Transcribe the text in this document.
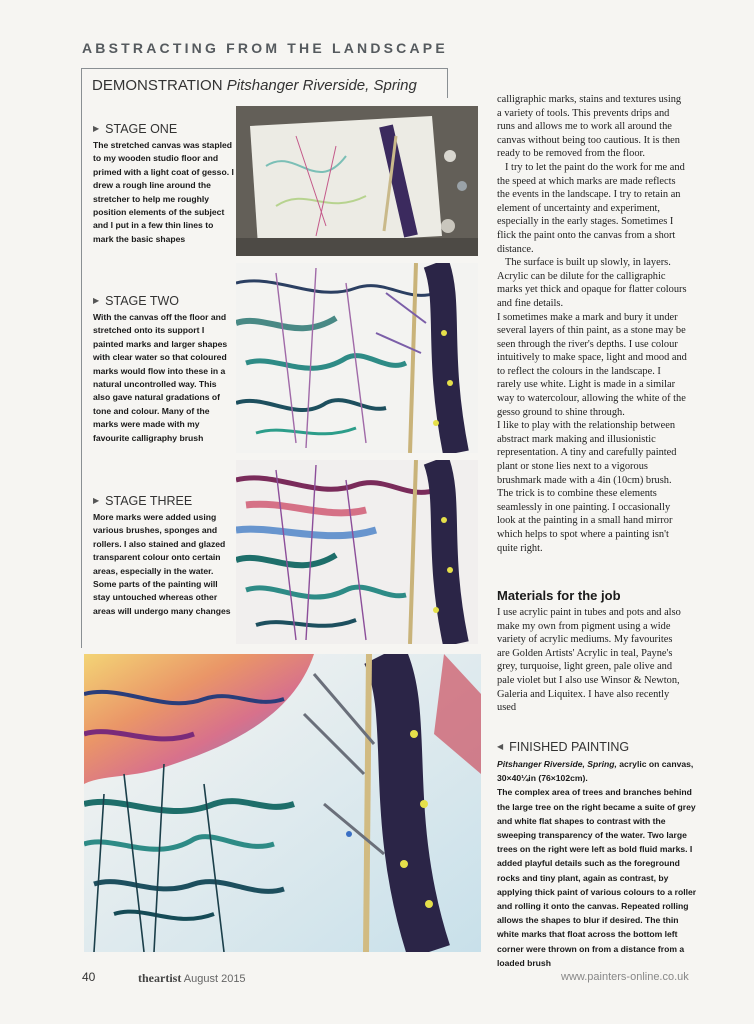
ABSTRACTING FROM THE LANDSCAPE
DEMONSTRATION Pitshanger Riverside, Spring
▶ STAGE ONE
The stretched canvas was stapled to my wooden studio floor and primed with a light coat of gesso. I drew a rough line around the stretcher to help me roughly position elements of the subject and I put in a few thin lines to mark the basic shapes
▶ STAGE TWO
With the canvas off the floor and stretched onto its support I painted marks and larger shapes with clear water so that coloured marks would flow into these in a natural uncontrolled way. This also gave natural gradations of tone and colour. Many of the marks were made with my favourite calligraphy brush
▶ STAGE THREE
More marks were added using various brushes, sponges and rollers. I also stained and glazed transparent colour onto certain areas, especially in the water. Some parts of the painting will stay untouched whereas other areas will undergo many changes

calligraphic marks, stains and textures using a variety of tools. This prevents drips and runs and allows me to work all around the canvas without being too cautious. It is then ready to be removed from the floor.

I try to let the paint do the work for me and the speed at which marks are made reflects the events in the landscape. I try to retain an element of uncertainty and experiment, especially in the early stages. Sometimes I flick the paint onto the canvas from a short distance.

The surface is built up slowly, in layers. Acrylic can be dilute for the calligraphic marks yet thick and opaque for flatter colours and fine details.

I sometimes make a mark and bury it under several layers of thin paint, as a stone may be seen through the river's depths. I use colour intuitively to make space, light and mood and to reflect the colours in the landscape. I rarely use white. Light is made in a similar way to watercolour, allowing the white of the gesso ground to shine through.

I like to play with the relationship between abstract mark making and illusionistic representation. A tiny and carefully painted plant or stone lies next to a vigorous brushmark made with a 4in (10cm) brush. The trick is to combine these elements seamlessly in one painting. I occasionally look at the painting in a small hand mirror which helps to spot where a painting isn't quite right.

Materials for the job

I use acrylic paint in tubes and pots and also make my own from pigment using a wide variety of acrylic mediums. My favourites are Golden Artists' Acrylic in teal, Payne's grey, turquoise, light green, pale olive and pale violet but I also use Winsor & Newton, Galeria and Liquitex. I have also recently used

◀ FINISHED PAINTING
Pitshanger Riverside, Spring, acrylic on canvas, 30×40¼in (76×102cm).
The complex area of trees and branches behind the large tree on the right became a suite of grey and white flat shapes to contrast with the sweeping transparency of the water. Two large trees on the right were left as bold fluid marks. I added playful details such as the foreground rocks and tiny plant, again as contrast, by applying thick paint of various colours to a roller and rolling it onto the canvas. Repeated rolling allows the shapes to blur if desired. The thin white marks that float across the bottom left corner were thrown on from a distance from a loaded brush
40	theartist August 2015	www.painters-online.co.uk
